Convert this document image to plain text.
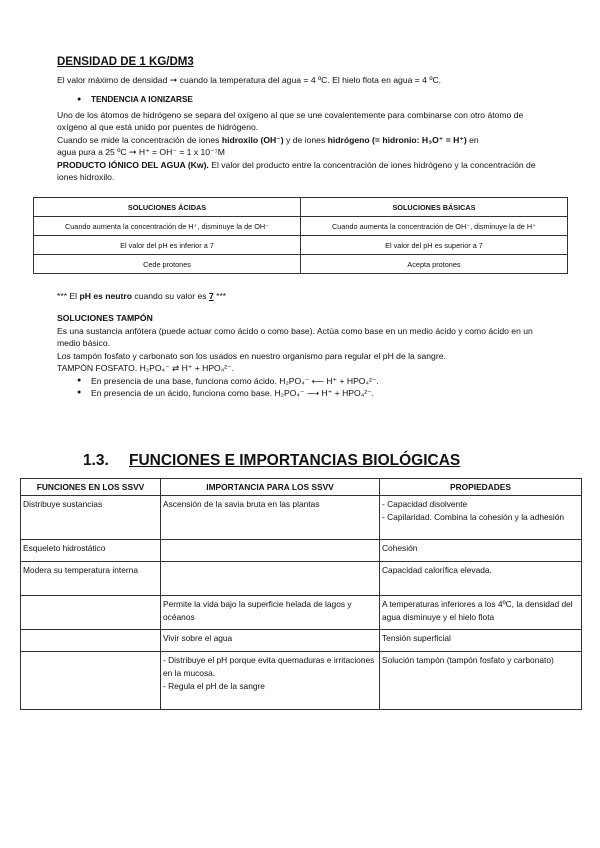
DENSIDAD DE 1 KG/DM3

El valor máximo de densidad ➞ cuando la temperatura del agua = 4 ºC. El hielo flota en agua = 4 ºC.

● TENDENCIA A IONIZARSE

Uno de los átomos de hidrógeno se separa del oxígeno al que se une covalentemente para combinarse con otro átomo de oxígeno al que está unido por puentes de hidrógeno.

Cuando se mide la concentración de iones hidroxilo (OH⁻) y de iones hidrógeno (= hidronio: H₃O⁺ = H⁺) en
agua pura a 25 ºC ➞ H⁺ = OH⁻ = 1 x 10⁻⁷M

PRODUCTO IÓNICO DEL AGUA (Kw). El valor del producto entre la concentración de iones hidrógeno y la concentración de iones hidroxilo.

SOLUCIONES ÁCIDAS	SOLUCIONES BÁSICAS
Cuando aumenta la concentración de H⁺, disminuye la de OH⁻	Cuando aumenta la concentración de OH⁻, disminuye la de H⁺
El valor del pH es inferior a 7	El valor del pH es superior a 7
Cede protones	Acepta protones

*** El pH es neutro cuando su valor es 7 ***

SOLUCIONES TAMPÓN

Es una sustancia anfótera (puede actuar como ácido o como base). Actúa como base en un medio ácido y como ácido en un medio básico.

Los tampón fosfato y carbonato son los usados en nuestro organismo para regular el pH de la sangre.

TAMPÓN FOSFATO. H₂PO₄⁻ ⇄ H⁺ + HPO₄²⁻.

● En presencia de una base, funciona como ácido. H₂PO₄⁻ ⟵ H⁺ + HPO₄²⁻.

● En presencia de un ácido, funciona como base. H₂PO₄⁻ ⟶ H⁺ + HPO₄²⁻.

1.3. FUNCIONES E IMPORTANCIAS BIOLÓGICAS
FUNCIONES EN LOS SSVV	IMPORTANCIA PARA LOS SSVV	PROPIEDADES
Distribuye sustancias	Ascensión de la savia bruta en las plantas	- Capacidad disolvente
- Capilaridad. Combina la cohesión y la adhesión
Esqueleto hidrostático		Cohesión
Modera su temperatura interna		Capacidad calorífica elevada.
	Permite la vida bajo la superficie helada de lagos y océanos	A temperaturas inferiores a los 4ºC, la densidad del agua disminuye y el hielo flota
	Vivir sobre el agua	Tensión superficial
	- Distribuye el pH porque evita quemaduras e irritaciones en la mucosa.
- Regula el pH de la sangre	Solución tampón (tampón fosfato y carbonato)
